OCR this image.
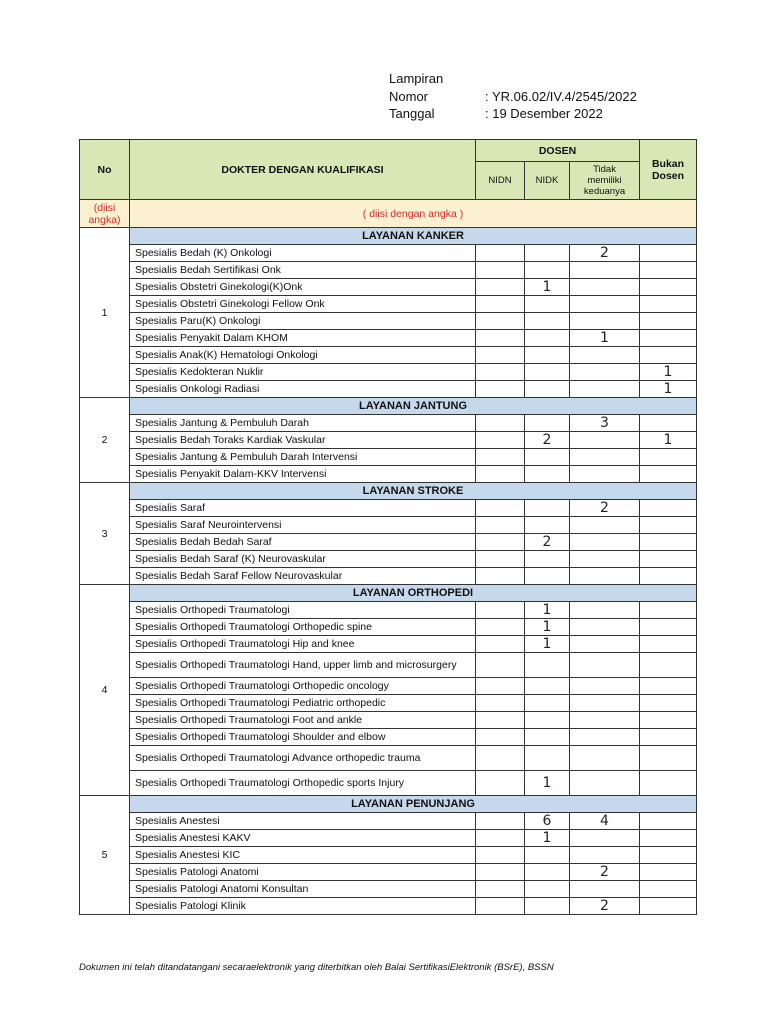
Lampiran
Nomor	: YR.06.02/IV.4/2545/2022
Tanggal	: 19 Desember 2022
No	DOKTER DENGAN KUALIFIKASI	DOSEN			Bukan Dosen
		NIDN	NIDK	Tidak memiliki keduanya	
(diisi angka)	( diisi dengan angka )				
1	LAYANAN KANKER				
	Spesialis Bedah (K) Onkologi			2	
	Spesialis Bedah Sertifikasi Onk				
	Spesialis Obstetri Ginekologi(K)Onk		1		
	Spesialis Obstetri Ginekologi Fellow Onk				
	Spesialis Paru(K) Onkologi				
	Spesialis Penyakit Dalam KHOM			1	
	Spesialis Anak(K) Hematologi Onkologi				
	Spesialis Kedokteran Nuklir				1
	Spesialis Onkologi Radiasi				1
2	LAYANAN JANTUNG				
	Spesialis Jantung & Pembuluh Darah			3	
	Spesialis Bedah Toraks Kardiak Vaskular		2		1
	Spesialis Jantung & Pembuluh Darah Intervensi				
	Spesialis Penyakit Dalam-KKV Intervensi				
3	LAYANAN STROKE				
	Spesialis Saraf			2	
	Spesialis Saraf Neurointervensi				
	Spesialis Bedah Bedah Saraf		2		
	Spesialis Bedah Saraf (K) Neurovaskular				
	Spesialis Bedah Saraf Fellow Neurovaskular				
4	LAYANAN ORTHOPEDI				
	Spesialis Orthopedi Traumatologi		1		
	Spesialis Orthopedi Traumatologi Orthopedic spine		1		
	Spesialis Orthopedi Traumatologi Hip and knee		1		
	Spesialis Orthopedi Traumatologi Hand, upper limb and microsurgery				
	Spesialis Orthopedi Traumatologi Orthopedic oncology				
	Spesialis Orthopedi Traumatologi Pediatric orthopedic				
	Spesialis Orthopedi Traumatologi Foot and ankle				
	Spesialis Orthopedi Traumatologi Shoulder and elbow				
	Spesialis Orthopedi Traumatologi Advance orthopedic trauma				
	Spesialis Orthopedi Traumatologi Orthopedic sports Injury		1		
5	LAYANAN PENUNJANG				
	Spesialis Anestesi		6	4	
	Spesialis Anestesi KAKV		1		
	Spesialis Anestesi KIC				
	Spesialis Patologi Anatomi			2	
	Spesialis Patologi Anatomi Konsultan				
	Spesialis Patologi Klinik			2	
Dokumen ini telah ditandatangani secaraelektronik yang diterbitkan oleh Balai SertifikasiElektronik (BSrE), BSSN
